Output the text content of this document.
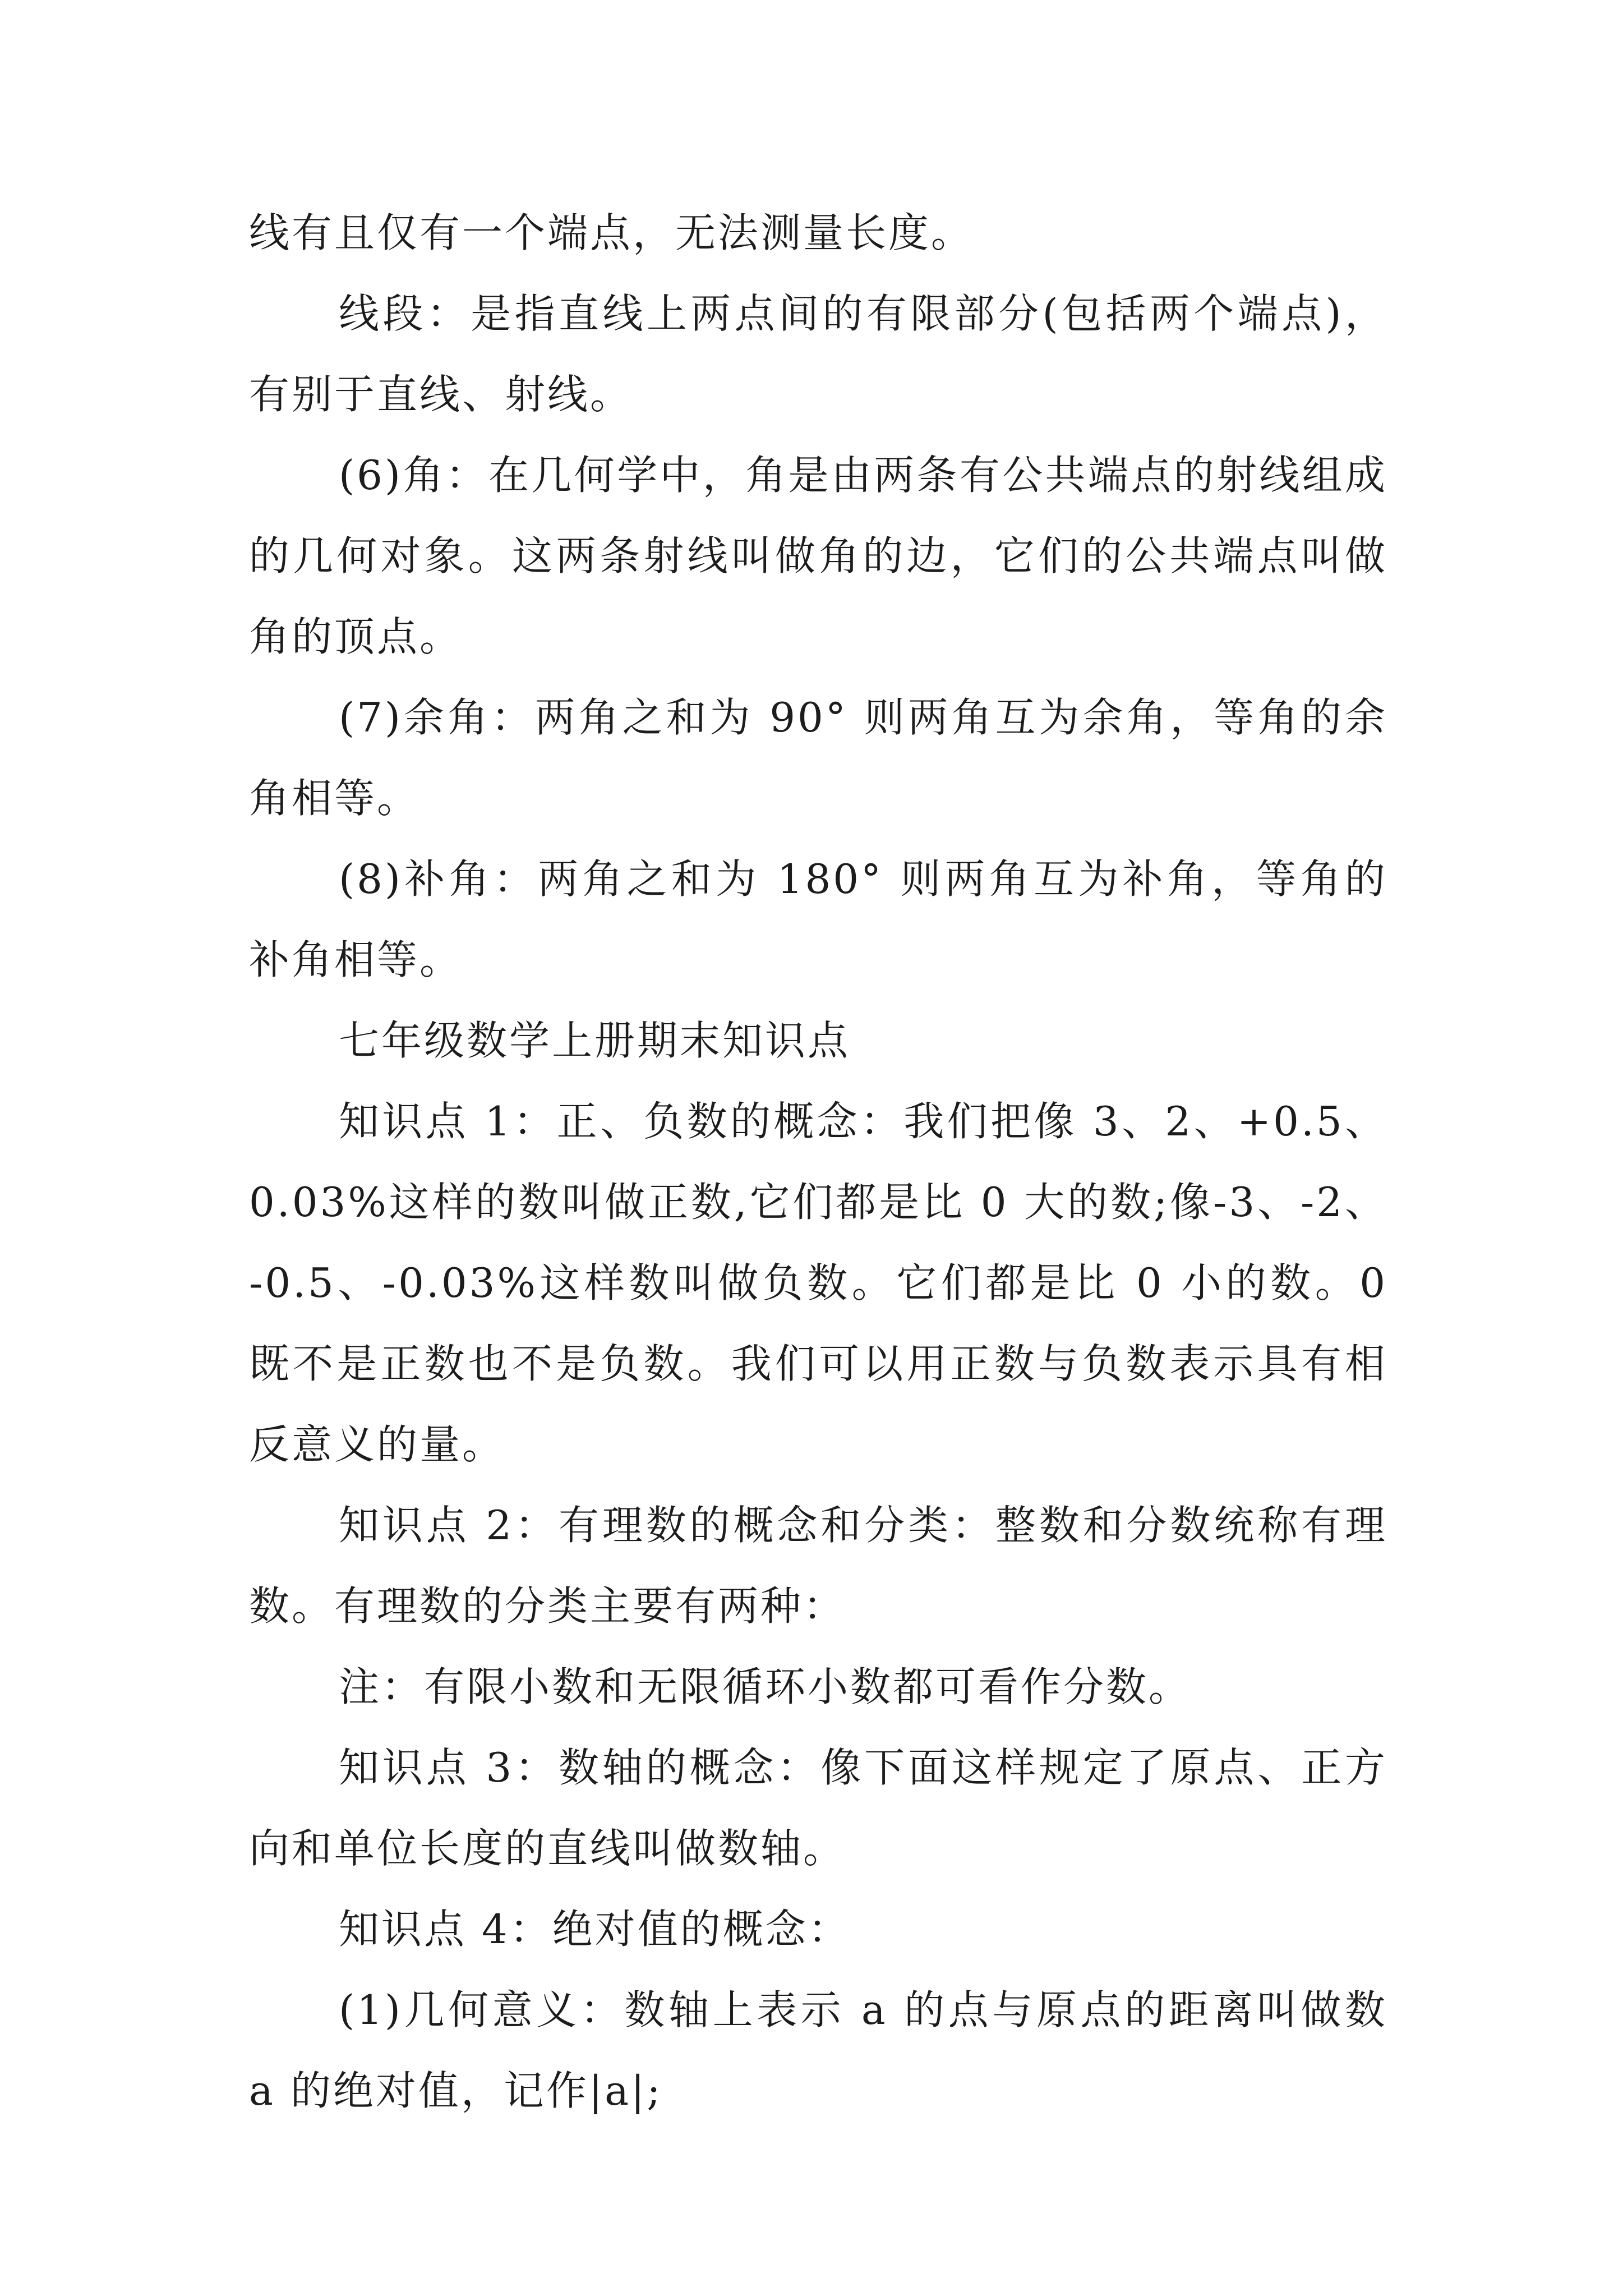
线有且仅有一个端点，无法测量长度。

线段：是指直线上两点间的有限部分(包括两个端点)，有别于直线、射线。

(6)角：在几何学中，角是由两条有公共端点的射线组成的几何对象。这两条射线叫做角的边，它们的公共端点叫做角的顶点。

(7)余角：两角之和为 90° 则两角互为余角，等角的余角相等。

(8)补角：两角之和为 180° 则两角互为补角，等角的补角相等。

七年级数学上册期末知识点

知识点 1：正、负数的概念：我们把像 3、2、+0.5、0.03%这样的数叫做正数,它们都是比 0 大的数;像-3、-2、-0.5、-0.03%这样数叫做负数。它们都是比 0 小的数。0 既不是正数也不是负数。我们可以用正数与负数表示具有相反意义的量。

知识点 2：有理数的概念和分类：整数和分数统称有理数。有理数的分类主要有两种：

注：有限小数和无限循环小数都可看作分数。

知识点 3：数轴的概念：像下面这样规定了原点、正方向和单位长度的直线叫做数轴。

知识点 4：绝对值的概念：

(1)几何意义：数轴上表示 a 的点与原点的距离叫做数 a 的绝对值，记作|a|;
